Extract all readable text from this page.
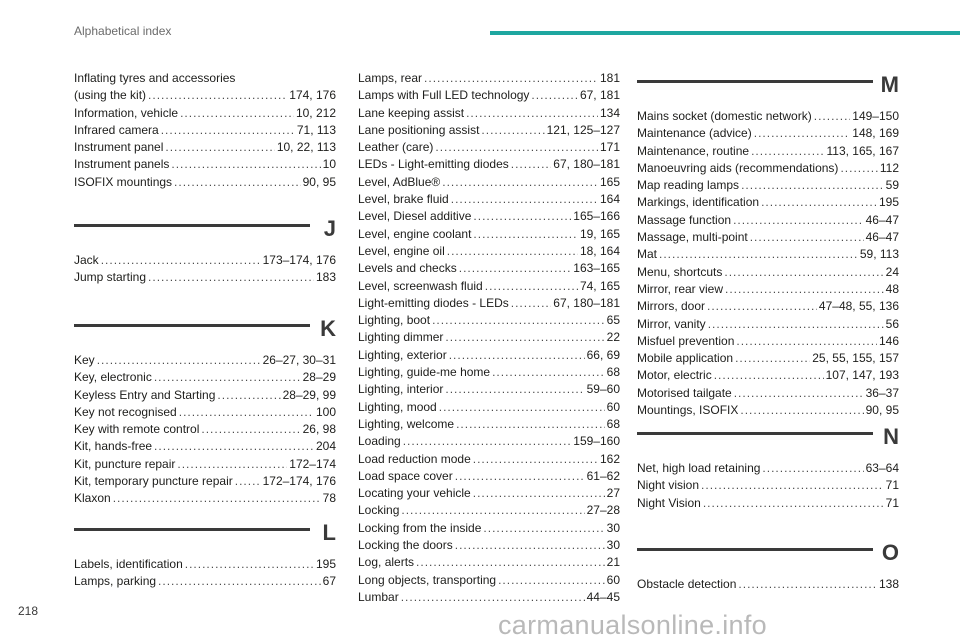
Alphabetical index
Inflating tyres and accessories
(using the kit) .....	174, 176
Information, vehicle .....	10, 212
Infrared camera .....	71, 113
Instrument panel .....	10, 22, 113
Instrument panels .....	10
ISOFIX mountings .....	90, 95
J
Jack .....	173–174, 176
Jump starting .....	183
K
Key .....	26–27, 30–31
Key, electronic .....	28–29
Keyless Entry and Starting .....	28–29, 99
Key not recognised .....	100
Key with remote control .....	26, 98
Kit, hands-free .....	204
Kit, puncture repair .....	172–174
Kit, temporary puncture repair ..... 172–174, 176
Klaxon .....	78
L
Labels, identification .....	195
Lamps, parking .....	67
Lamps, rear .....	181
Lamps with Full LED technology .....	67, 181
Lane keeping assist .....	134
Lane positioning assist .....	121, 125–127
Leather (care) .....	171
LEDs - Light-emitting diodes .....	67, 180–181
Level, AdBlue® .....	165
Level, brake fluid .....	164
Level, Diesel additive .....	165–166
Level, engine coolant .....	19, 165
Level, engine oil .....	18, 164
Levels and checks .....	163–165
Level, screenwash fluid .....	74, 165
Light-emitting diodes - LEDs .....	67, 180–181
Lighting, boot .....	65
Lighting dimmer .....	22
Lighting, exterior .....	66, 69
Lighting, guide-me home .....	68
Lighting, interior .....	59–60
Lighting, mood .....	60
Lighting, welcome .....	68
Loading .....	159–160
Load reduction mode .....	162
Load space cover .....	61–62
Locating your vehicle .....	27
Locking .....	27–28
Locking from the inside .....	30
Locking the doors .....	30
Log, alerts .....	21
Long objects, transporting .....	60
Lumbar .....	44–45
M
Mains socket (domestic network) .....	149–150
Maintenance (advice) .....	148, 169
Maintenance, routine .....	113, 165, 167
Manoeuvring aids (recommendations) .....	112
Map reading lamps .....	59
Markings, identification .....	195
Massage function .....	46–47
Massage, multi-point .....	46–47
Mat .....	59, 113
Menu, shortcuts .....	24
Mirror, rear view .....	48
Mirrors, door .....	47–48, 55, 136
Mirror, vanity .....	56
Misfuel prevention .....	146
Mobile application .....	25, 55, 155, 157
Motor, electric .....	107, 147, 193
Motorised tailgate .....	36–37
Mountings, ISOFIX .....	90, 95
N
Net, high load retaining .....	63–64
Night vision .....	71
Night Vision .....	71
O
Obstacle detection .....	138
218	carmanualsonline.info
